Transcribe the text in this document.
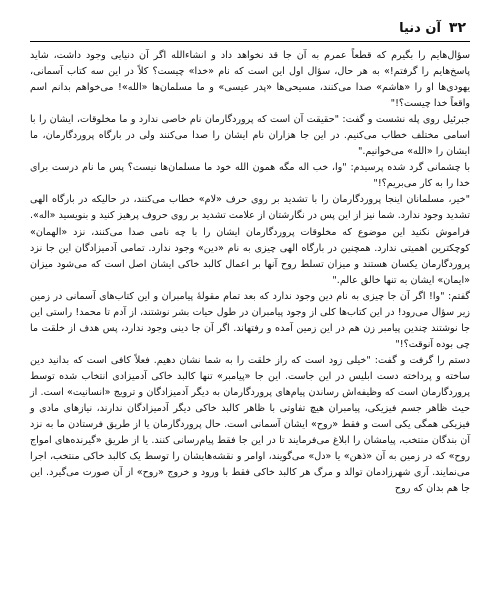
۳۲
آن دنیا

سؤال‌هایم را بگیرم که قطعاً عمرم به آن جا قد نخواهد داد و انشاءالله اگر آن دنیایی وجود داشت، شاید پاسخ‌هایم را گرفتم!» به هر حال، سؤال اول این است که نام «خدا» چیست؟ کلاً در این سه کتاب آسمانی، یهودی‌ها او را «هاشم» صدا می‌کنند، مسیحی‌ها «پدر عیسی» و ما مسلمان‌ها «الله»! می‌خواهم بدانم اسم واقعاً خدا چیست؟!"

جبرئیل روی پله نشست و گفت: "حقیقت آن است که پروردگارمان نام خاصی ندارد و ما مخلوقات، ایشان را با اسامی مختلف خطاب می‌کنیم. در این جا هزاران نام ایشان را صدا می‌کنند ولی در بارگاه پروردگارمان، ما ایشان را «الله» می‌خوانیم."

با چشمانی گرد شده پرسیدم: "وا، خب اله مگه همون الله خود ما مسلمان‌ها نیست؟ پس ما نام درست برای خدا را به کار می‌بریم؟!"

"خیر، مسلمانان اینجا پروردگارمان را با تشدید بر روی حرف «لام» خطاب می‌کنند، در حالیکه در بارگاه الهی تشدید وجود ندارد. شما نیز از این پس در نگارشتان از علامت تشدید بر روی حروف پرهیز کنید و بنویسید «اله». فراموش نکنید این موضوع که مخلوقات پروردگارمان ایشان را با چه نامی صدا می‌کنند، نزد «الهمان» کوچکترین اهمیتی ندارد. همچنین در بارگاه الهی چیزی به نام «دین» وجود ندارد. تمامی آدمیزادگان این جا نزد پروردگارمان یکسان هستند و میزان تسلط روح آنها بر اعمال کالبد خاکی ایشان اصل است که می‌شود میزان «ایمان» ایشان به تنها خالق عالم."

گفتم: "وا! اگر آن جا چیزی به نام دین وجود ندارد که بعد تمام مقولهٔ پیامبران و این کتاب‌های آسمانی در زمین زیر سؤال می‌رود! در این کتاب‌ها کلی از وجود پیامبران در طول حیات بشر نوشتند، از آدم تا محمد! راستی این جا نوشتند چندین پیامبر زن هم در این زمین آمده و رفتهاند. اگر آن جا دینی وجود ندارد، پس هدف از خلقت ما چی بوده آنوقت؟!"

دستم را گرفت و گفت: "خیلی زود است که راز خلقت را به شما نشان دهیم. فعلاً کافی است که بدانید دین ساخته و پرداخته دست ابلیس در این جاست. این جا «پیامبر» تنها کالبد خاکی آدمیزادی انتخاب شده توسط پروردگارمان است که وظیفه‌اش رساندن پیام‌های پروردگارمان به دیگر آدمیزادگان و ترویج «انسانیت» است. از حیث ظاهر جسم فیزیکی، پیامبران هیچ تفاوتی با ظاهر کالبد خاکی دیگر آدمیزادگان ندارند، نیازهای مادی و فیزیکی همگی یکی است و فقط «روح» ایشان آسمانی است. حال پروردگارمان یا از طریق فرستادن ما به نزد آن بندگان منتخب، پیامشان را ابلاغ می‌فرمایند تا در این جا فقط پیام‌رسانی کنند. یا از طریق «گیرنده‌های امواج روح» که در زمین به آن «ذهن» یا «دل» می‌گویند، اوامر و نقشه‌هایشان را توسط یک کالبد خاکی منتخب، اجرا می‌نمایند. آری شهرزادمان توالد و مرگ هر کالبد خاکی فقط با ورود و خروج «روح» از آن صورت می‌گیرد. این جا هم بدان که روح
